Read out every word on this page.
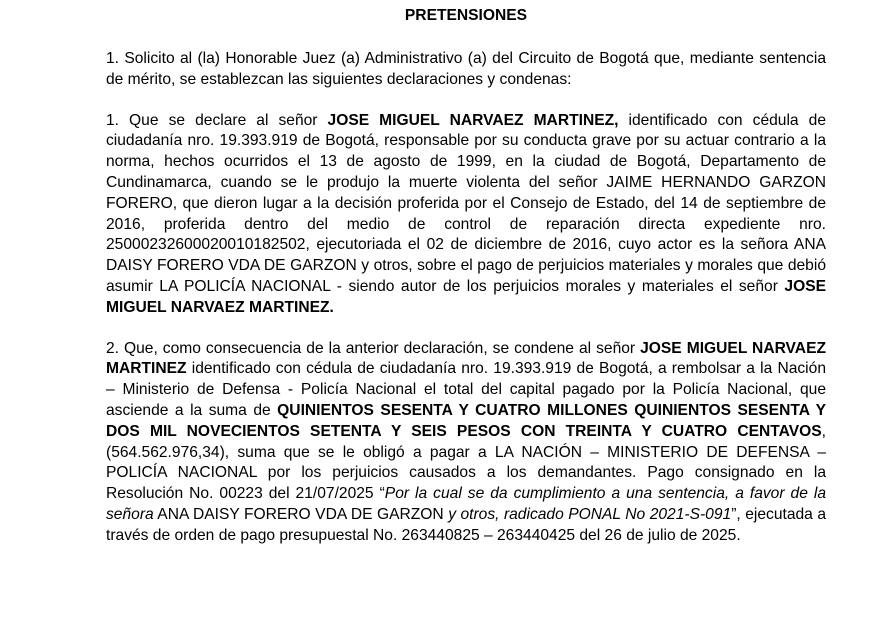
PRETENSIONES

1. Solicito al (la) Honorable Juez (a) Administrativo (a) del Circuito de Bogotá que, mediante sentencia de mérito, se establezcan las siguientes declaraciones y condenas:

1. Que se declare al señor JOSE MIGUEL NARVAEZ MARTINEZ, identificado con cédula de ciudadanía nro. 19.393.919 de Bogotá, responsable por su conducta grave por su actuar contrario a la norma, hechos ocurridos el 13 de agosto de 1999, en la ciudad de Bogotá, Departamento de Cundinamarca, cuando se le produjo la muerte violenta del señor JAIME HERNANDO GARZON FORERO, que dieron lugar a la decisión proferida por el Consejo de Estado, del 14 de septiembre de 2016, proferida dentro del medio de control de reparación directa expediente nro. 25000232600020010182502, ejecutoriada el 02 de diciembre de 2016, cuyo actor es la señora ANA DAISY FORERO VDA DE GARZON y otros, sobre el pago de perjuicios materiales y morales que debió asumir LA POLICÍA NACIONAL - siendo autor de los perjuicios morales y materiales el señor JOSE MIGUEL NARVAEZ MARTINEZ.

2. Que, como consecuencia de la anterior declaración, se condene al señor JOSE MIGUEL NARVAEZ MARTINEZ identificado con cédula de ciudadanía nro. 19.393.919 de Bogotá, a rembolsar a la Nación – Ministerio de Defensa - Policía Nacional el total del capital pagado por la Policía Nacional, que asciende a la suma de QUINIENTOS SESENTA Y CUATRO MILLONES QUINIENTOS SESENTA Y DOS MIL NOVECIENTOS SETENTA Y SEIS PESOS CON TREINTA Y CUATRO CENTAVOS, (564.562.976,34), suma que se le obligó a pagar a LA NACIÓN – MINISTERIO DE DEFENSA – POLICÍA NACIONAL por los perjuicios causados a los demandantes. Pago consignado en la Resolución No. 00223 del 21/07/2025 “Por la cual se da cumplimiento a una sentencia, a favor de la señora ANA DAISY FORERO VDA DE GARZON y otros, radicado PONAL No 2021-S-091”, ejecutada a través de orden de pago presupuestal No. 263440825 – 263440425 del 26 de julio de 2025.
